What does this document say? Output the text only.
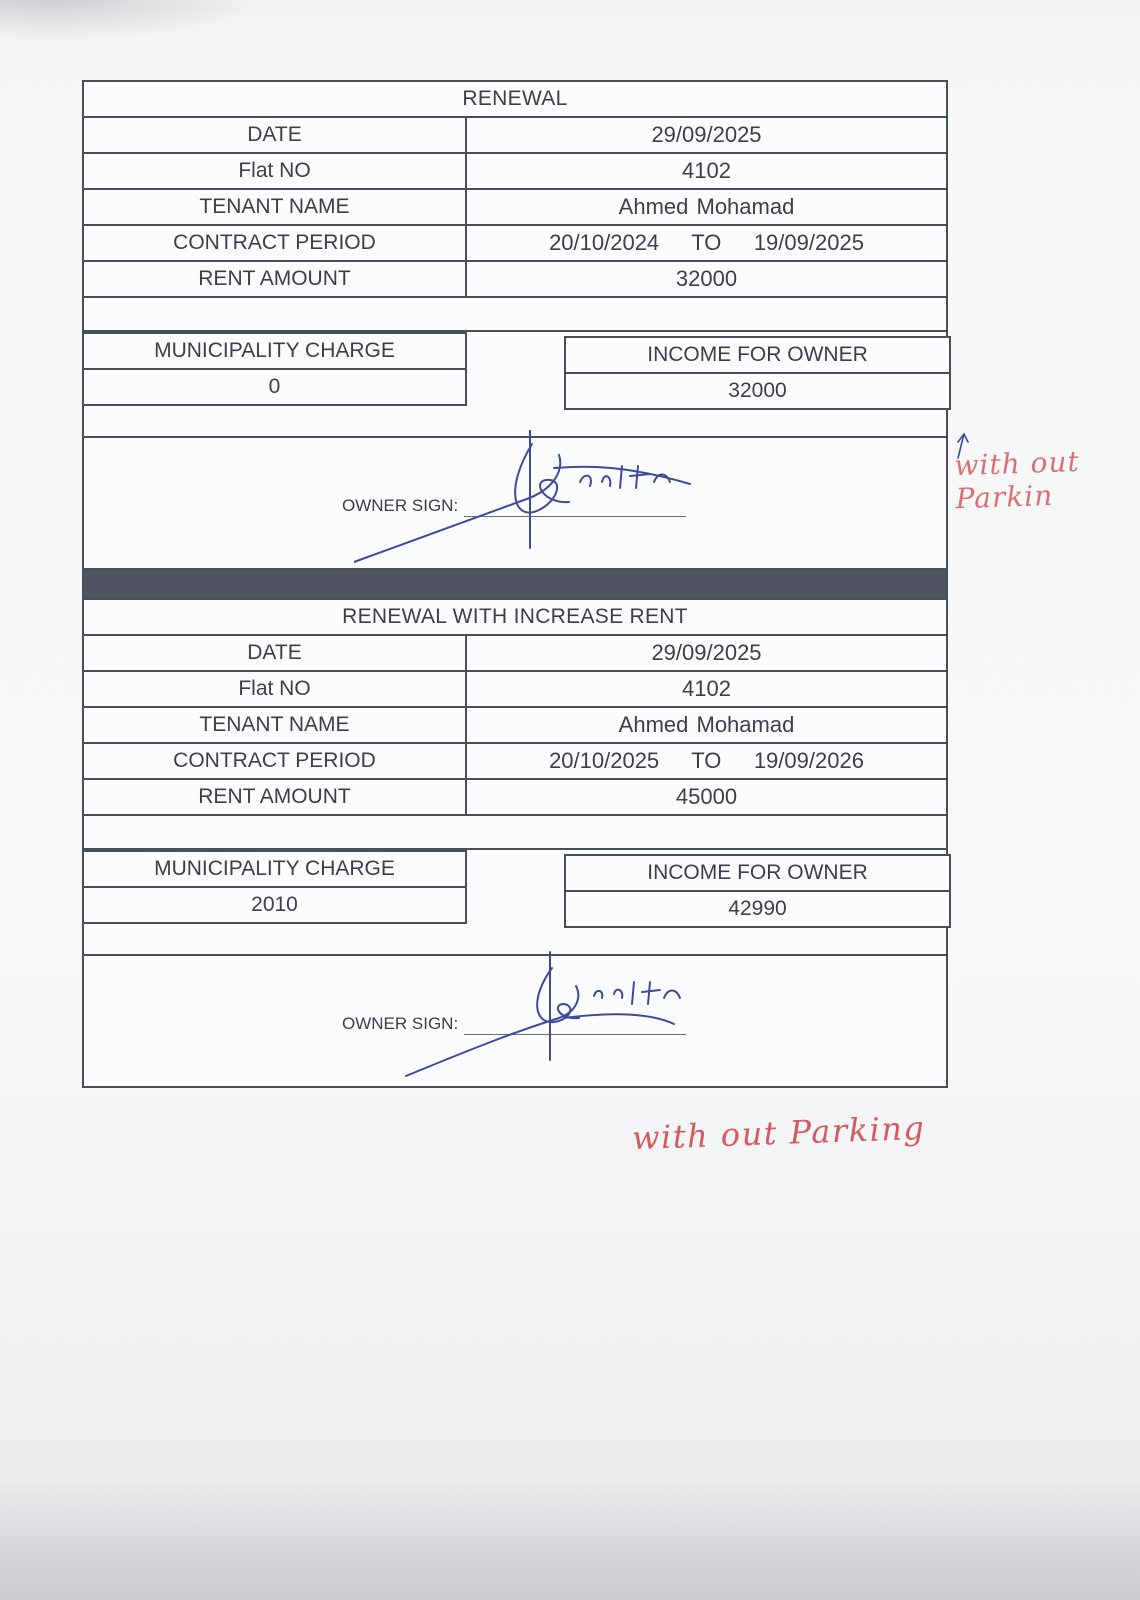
RENEWAL
DATE	29/09/2025
Flat NO	4102
TENANT NAME	Ahmed Mohamad
CONTRACT PERIOD	20/10/2024    TO    19/09/2025
RENT AMOUNT	32000
MUNICIPALITY CHARGE
0
INCOME FOR OWNER
32000
OWNER SIGN:
RENEWAL WITH INCREASE RENT
DATE	29/09/2025
Flat NO	4102
TENANT NAME	Ahmed Mohamad
CONTRACT PERIOD	20/10/2025    TO    19/09/2026
RENT AMOUNT	45000
MUNICIPALITY CHARGE
2010
INCOME FOR OWNER
42990
OWNER SIGN:
with out Parkin
with out Parking
